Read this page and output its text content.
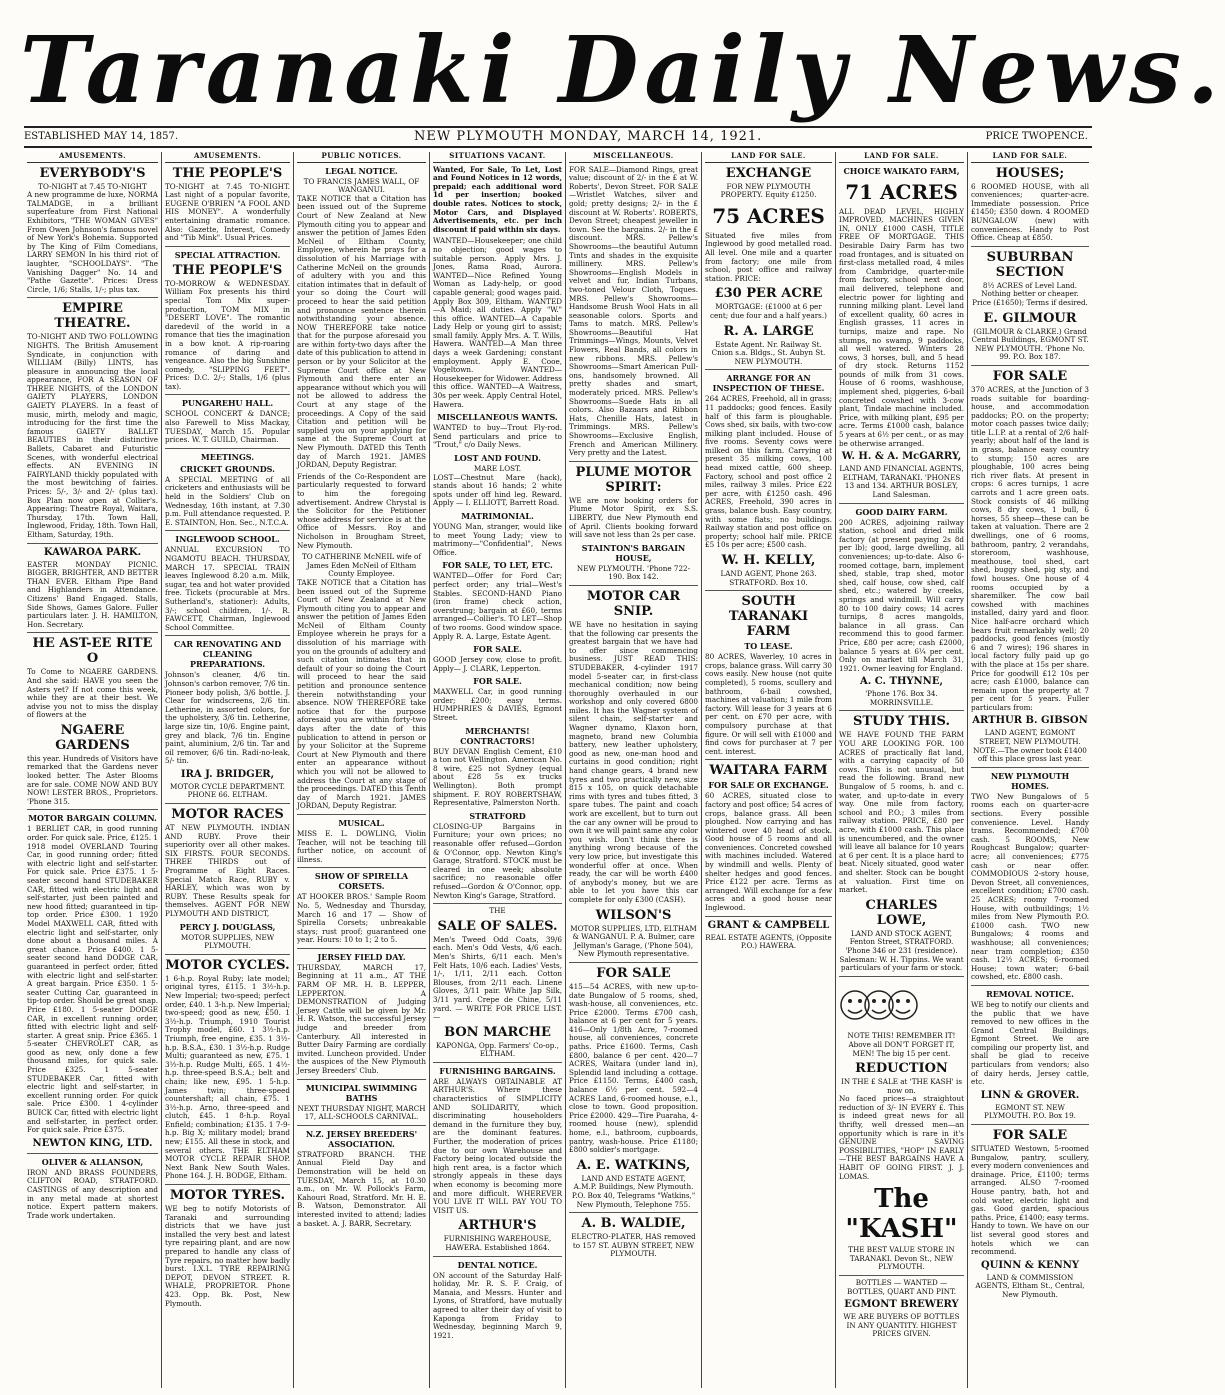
Taranaki Daily News.
ESTABLISHED MAY 14, 1857.	NEW PLYMOUTH MONDAY, MARCH 14, 1921.	PRICE TWOPENCE.
AMUSEMENTS.
EVERYBODY'S
TO-NIGHT at 7.45 TO-NIGHT
A new programme de luxe, NORMA TALMADGE, in a brilliant superfeature from First National Exhibitors, "THE WOMAN GIVES" From Owen Johnson's famous novel of New York's Bohemia. Supported by The King of Film Comedians, LARRY SEMON In his third riot of laughter, "SCHOOLDAYS". "The Vanishing Dagger" No. 14 and "Pathe Gazette". Prices: Dress Circle, 1/6; Stalls, 1/-; plus tax.
EMPIRE THEATRE.
TO-NIGHT AND TWO FOLLOWING NIGHTS. The British Amusement Syndicate, in conjunction with WILLIAM (Billy) LINTS, has pleasure in announcing the local appearance, FOR A SEASON OF THREE NIGHTS, of the LONDON GAIETY PLAYERS, LONDON GAIETY PLAYERS. In a feast of music, mirth, melody and magic, introducing for the first time the famous GAIETY BALLET BEAUTIES in their distinctive Ballets, Cabaret and Futuristic Scenes, with wonderful electrical effects. AN EVENING IN FAIRYLAND thickly populated with the most bewitching of fairies. Prices: 5/-, 3/- and 2/- (plus tax). Box Plan now open at Collier's. Appearing: Theatre Royal, Waitara, Thursday, 17th. Town Hall, Inglewood, Friday, 18th. Town Hall, Eltham, Saturday, 19th.
KAWAROA PARK.
EASTER MONDAY PICNIC. BIGGER, BRIGHTER, AND BETTER THAN EVER. Eltham Pipe Band and Highlanders in Attendance. Citizens' Band Engaged. Stalls, Side Shows, Games Galore. Fuller particulars later. J. H. HAMILTON, Hon. Secretary.
HE AST-EE RITE O
To Come to NGAERE GARDENS. And she said: HAVE you seen the Asters yet? If not come this week, while they are at their best. We advise you not to miss the display of flowers at the
NGAERE GARDENS
this year. Hundreds of Visitors have remarked that the Gardens never looked better. The Aster Blooms are for sale. COME NOW AND BUY NOW! LESTER BROS., Proprietors. 'Phone 315.
MOTOR BARGAIN COLUMN.
1 BERLIET CAR, in good running order. For quick sale. Price, £125. 1 1918 model OVERLAND Touring Car, in good running order; fitted with electric light and self-starter. For quick sale. Price £375. 1 5-seater second hand STUDEBAKER CAR, fitted with electric light and self-starter, just been painted and new hood fitted; guaranteed in tip-top order. Price £300. 1 1920 Model MAXWELL CAR, fitted with electric light and self-starter, only done about a thousand miles. A great chance. Price £400. 1 5-seater second hand DODGE CAR, guaranteed in perfect order, fitted with electric light and self-starter. A great bargain. Price £350. 1 5-seater Cutting Car, guaranteed in tip-top order. Should be great snap. Price £180. 1 5-seater DODGE CAR, in excellent running order, fitted with electric light and self-starter. A great snip. Price £365. 1 5-seater CHEVROLET CAR, as good as new, only done a few thousand miles, for quick sale. Price £325. 1 5-seater STUDEBAKER Car, fitted with electric light and self-starter, in excellent running order. For quick sale. Price £300. 1 4-cylinder BUICK Car, fitted with electric light and self-starter, in perfect order. For quick sale. Price £375.
NEWTON KING, LTD.
OLIVER & ALLANSON,
IRON AND BRASS FOUNDERS, CLIFTON ROAD, STRATFORD. CASTINGS of any description and in any metal made at shortest notice. Expert pattern makers. Trade work undertaken.
AMUSEMENTS.
THE PEOPLE'S
TO-NIGHT at 7.45 TO-NIGHT. Last night of a popular favorite, EUGENE O'BRIEN "A FOOL AND HIS MONEY". A wonderfully entertaining dramatic romance. Also: Gazette, Interest, Comedy and "Tib Mink". Usual Prices.
SPECIAL ATTRACTION.
THE PEOPLE'S
TO-MORROW & WEDNESDAY. William Fox presents his third special Tom Mix super-production, TOM MIX in "DESERT LOVE". The romantic daredevil of the world in a romance that ties the imagination in a bow knot. A rip-roaring romance of daring and vengeance. Also the big Sunshine comedy, "SLIPPING FEET". Prices: D.C. 2/-; Stalls, 1/6 (plus tax).
PUNGAREHU HALL.
SCHOOL CONCERT & DANCE; also Farewell to Miss Mackay, TUESDAY, March 15. Popular prices. W. T. GUILD, Chairman.
MEETINGS.
CRICKET GROUNDS.
A SPECIAL MEETING of all cricketers and enthusiasts will be held in the Soldiers' Club on Wednesday, 16th instant, at 7.30 p.m. Full attendance requested. P. E. STAINTON, Hon. Sec., N.T.C.A.
INGLEWOOD SCHOOL.
ANNUAL EXCURSION TO NGAMOTU BEACH. THURSDAY, MARCH 17. SPECIAL TRAIN leaves Inglewood 8.20 a.m. Milk, sugar, tea and hot water provided free. Tickets (procurable at Mrs. Sutherland's, stationer): Adults, 3/-; school children, 1/-. R. FAWCETT, Chairman, Inglewood School Committee.
CAR RENOVATING AND CLEANING PREPARATIONS.
Johnson's cleaner, 4/6 tin. Johnson's carbon remover, 7/6 tin. Pioneer body polish, 3/6 bottle. J. Clear for windscreens, 2/6 tin. Letherine, in assorted colors, for the upholstery, 3/6 tin. Letherine, large size tin, 10/6. Engine paint, grey and black, 7/6 tin. Engine paint, aluminium, 2/6 tin. Tar and oil remover, 6/6 tin. Radi-no-leak, 5/- tin.
IRA J. BRIDGER,
MOTOR CYCLE DEPARTMENT. PHONE 66. ELTHAM.
MOTOR RACES
AT NEW PLYMOUTH. INDIAN AND RUBY. Prove their superiority over all other makes. SIX FIRSTS. FOUR SECONDS. THREE THIRDS out of Programme of Eight Races. Special Match Race, RUBY v. HARLEY, which was won by RUBY. These Results speak for themselves. AGENT FOR NEW PLYMOUTH AND DISTRICT,
PERCY J. DOUGLASS,
MOTOR SUPPLIES, NEW PLYMOUTH.
MOTOR CYCLES.
1 6-h.p. Royal Ruby; late model; original tyres, £115. 1 3½-h.p. New Imperial; two-speed; perfect order, £40. 1 3-h.p. New Imperial; two-speed; good as new, £50. 1 3½-h.p. Triumph, 1910 Tourist Trophy model, £60. 1 3½-h.p. Triumph, free engine, £35. 1 3½-h.p. B.S.A., £30. 1 3½-h.p. Rudge Multi; guaranteed as new, £75. 1 3½-h.p. Rudge Multi, £65. 1 4½-h.p. three-speed B.S.A.; belt and chain; like new, £95. 1 5-h.p. James twin; three-speed countershaft; all chain, £75. 1 3½-h.p. Arno, three-speed and clutch, £45. 1 8-h.p. Royal Enfield; combination; £135. 1 7-9-h.p. Big X; military model; brand new; £155. All these in stock, and several others. THE ELTHAM MOTOR CYCLE REPAIR SHOP. Next Bank New South Wales. Phone 164. J. H. BODGE, Eltham.
MOTOR TYRES.
WE beg to notify Motorists of Taranaki and surrounding districts that we have just installed the very best and latest tyre repairing plant, and are now prepared to handle any class of Tyre repairs, no matter how badly burst. I.X.L. TYRE REPAIRING DEPOT, DEVON STREET. R. WHALE, PROPRIETOR. Phone 423. Opp. Bk. Post, New Plymouth.
PUBLIC NOTICES.
LEGAL NOTICE.
TO FRANCIS JAMES WALL, OF WANGANUI.
TAKE NOTICE that a Citation has been issued out of the Supreme Court of New Zealand at New Plymouth citing you to appear and answer the petition of James Eden McNeil of Eltham County, Employee, wherein he prays for a dissolution of his Marriage with Catherine McNeil on the grounds of adultery with you and this citation intimates that in default of your so doing the Court will proceed to hear the said petition and pronounce sentence therein notwithstanding your absence. NOW THEREFORE take notice that for the purpose aforesaid you are within forty-two days after the date of this publication to attend in person or by your Solicitor at the Supreme Court office at New Plymouth and there enter an appearance without which you will not be allowed to address the Court at any stage of the proceedings. A Copy of the said Citation and petition will be supplied you on your applying for same at the Supreme Court at New Plymouth. DATED this Tenth day of March 1921. JAMES JORDAN, Deputy Registrar.
Friends of the Co-Respondent are particularly requested to forward to him the foregoing advertisement. Andrew Chrystal is the Solicitor for the Petitioner whose address for service is at the Office of Messrs. Roy and Nicholson in Brougham Street, New Plymouth.
TO CATHERINE McNEIL wife of James Eden McNeil of Eltham County Employee.
TAKE NOTICE that a Citation has been issued out of the Supreme Court of New Zealand at New Plymouth citing you to appear and answer the petition of James Eden McNeil of Eltham County Employee wherein he prays for a dissolution of his marriage with you on the grounds of adultery and such citation intimates that in default of your so doing the Court will proceed to hear the said petition and pronounce sentence therein notwithstanding your absence. NOW THEREFORE take notice that for the purpose aforesaid you are within forty-two days after the date of this publication to attend in person or by your Solicitor at the Supreme Court at New Plymouth and there enter an appearance without which you will not be allowed to address the Court at any stage of the proceedings. DATED this Tenth day of March 1921. JAMES JORDAN, Deputy Registrar.
MUSICAL.
MISS E. L. DOWLING, Violin Teacher, will not be teaching till further notice, on account of illness.
SHOW OF SPIRELLA CORSETS.
AT HOOKER BROS.' Sample Room No. 5, Wednesday and Thursday, March 16 and 17 — Show of Spirella Corsets; unbreakable stays; rust proof; guaranteed one year. Hours: 10 to 1; 2 to 5.
JERSEY FIELD DAY.
THURSDAY, MARCH 17, Beginning at 11 a.m., AT THE FARM OF MR. H. B. LEPPER, LEPPERTON. A DEMONSTRATION of Judging Jersey Cattle will be given by Mr. H. R. Watson, the successful Jersey judge and breeder from Canterbury. All interested in Butter Dairy Farming are cordially invited. Luncheon provided. Under the auspices of the New Plymouth Jersey Breeders' Club.
MUNICIPAL SWIMMING BATHS
NEXT THURSDAY NIGHT, MARCH 17, ALL-SCHOOLS CARNIVAL.
N.Z. JERSEY BREEDERS' ASSOCIATION.
STRATFORD BRANCH. THE Annual Field Day and Demonstration will be held on TUESDAY, March 15, at 10.30 a.m., on Mr. W. Pollock's Farm, Kahouri Road, Stratford. Mr. H. E. B. Watson, Demonstrator. All interested invited to attend; ladies a basket. A. J. BARR, Secretary.
SITUATIONS VACANT.
Wanted, For Sale, To Let, Lost and Found Notices in 12 words, prepaid; each additional word 1d per insertion; booked double rates. Notices to stock, Motor Cars, and Displayed Advertisements, etc. per inch discount if paid within six days.
WANTED—Housekeeper; one child no objection; good wages to suitable person. Apply Mrs. J. Jones, Rama Road, Aurora. WANTED—Nice Refined Young Woman as Lady-help, or good capable general; good wages paid. Apply Box 309, Eltham. WANTED—A Maid; all duties. Apply "W." this office. WANTED—A Capable Lady Help or young girl to assist; small family. Apply Mrs. A. T. Wills, Hawera. WANTED—A Man three days a week Gardening; constant employment. Apply E. Cooe, Vogeltown. WANTED—Housekeeper for Widower. Address this office. WANTED—A Waitress, 30s per week. Apply Central Hotel, Hawera.
MISCELLANEOUS WANTS.
WANTED to buy—Trout Fly-rod. Send particulars and price to "Trout," c/o Daily News.
LOST AND FOUND.
MARE LOST.
LOST—Chestnut Mare (hack), stands about 16 hands; 2 white spots under off hind leg. Reward. Apply — I. ELLIOTT, Barrett Road.
MATRIMONIAL.
YOUNG Man, stranger, would like to meet Young Lady; view to matrimony—"Confidential", News Office.
FOR SALE, TO LET, ETC.
WANTED—Offer for Ford Car; perfect order; any trial—West's Stables. SECOND-HAND Piano (iron frame) check action, overstrung; bargain at £60, terms arranged—Collier's. TO LET—Shop of two rooms. Good window space. Apply R. A. Large, Estate Agent.
FOR SALE.
GOOD Jersey cow, close to profit. Apply— J. CLARK, Lepperton.
FOR SALE.
MAXWELL Car, in good running order; £200; easy terms. HUMPHRIES & DAVIES, Egmont Street.
MERCHANTS! CONTRACTORS!
BUY DEVAN English Cement, £10 a ton not Wellington. American No. 8 wire, £25 not Sydney (equal about £28 5s ex trucks Wellington). Both prompt shipment. F. ROY ROBERTSHAW, Representative, Palmerston North.
STRATFORD
CLOSING-UP Bargains in Furniture; your own prices; no reasonable offer refused—Gordon & O'Connor, opp. Newton King's Garage, Stratford. STOCK must be cleared in one week; absolute sacrifice; no reasonable offer refused—Gordon & O'Connor, opp. Newton King's Garage, Stratford.
THE
SALE OF SALES.
Men's Tweed Odd Coats, 39/6 each. Men's Odd Vests, 4/6 each. Men's Shirts, 6/11 each. Men's Felt Hats, 10/6 each. Ladies' Vests, 1/-, 1/11, 2/11 each. Cotton Blouses, from 2/11 each. Linene Gloves, 3/11 pair. White Jap Silk, 3/11 yard. Crepe de Chine, 5/11 yard. — WRITE FOR PRICE LIST. —
BON MARCHE
KAPONGA, Opp. Farmers' Co-op., ELTHAM.
FURNISHING BARGAINS.
ARE ALWAYS OBTAINABLE AT ARTHUR'S. Where these characteristics of SIMPLICITY AND SOLIDARITY, which discriminating householders demand in the furniture they buy, are the dominant features. Further, the moderation of prices due to our own Warehouse and Factory being located outside the high rent area, is a factor which strongly appeals in these days when economy is becoming more and more difficult. WHEREVER YOU LIVE IT WILL PAY YOU TO VISIT US.
ARTHUR'S
FURNISHING WAREHOUSE, HAWERA. Established 1864.
DENTAL NOTICE.
ON account of the Saturday Half-holiday, Mr. R. S. F. Craig, of Manaia, and Messrs. Hunter and Lyons, of Stratford, have mutually agreed to alter their day of visit to Kaponga from Friday to Wednesday, beginning March 9, 1921.
MISCELLANEOUS.
FOR SALE—Diamond Rings, great value; discount of 2/- in the £ at W. Roberts', Devon Street. FOR SALE—Wristlet Watches, silver and gold; pretty designs; 2/- in the £ discount at W. Roberts'. ROBERTS, Devon Street; cheapest jeweller in town. See the bargains. 2/- in the £ discount. MRS. Pellew's Showrooms—the beautiful Autumn Tints and shades in the exquisite millinery. MRS. Pellew's Showrooms—English Models in velvet and fur, Indian Turbans, two-toned Velour Cloth, Toques. MRS. Pellew's Showrooms—Handsome Brush Wool Hats in all seasonable colors. Sports and Tams to match. MRS. Pellew's Showrooms—Beautiful Hat Trimmings—Wings, Mounts, Velvet Flowers, Real Bands, all colors in new ribbons. MRS. Pellew's Showrooms—Smart American Pull-ons, handsomely browned. All pretty shades and smart, moderately priced. MRS. Pellew's Showrooms—Suede Hats in all colors. Also Bazaars and Ribbon Hats, Chenille Hats, latest in Trimmings. MRS. Pellew's Showrooms—Exclusive English, French and American Millinery. Very pretty and the Latest.
PLUME MOTOR SPIRIT:
WE are now booking orders for Plume Motor Spirit, ex S.S. LIBERTY, due New Plymouth end of April. Clients booking forward will save not less than 2s per case.
STAINTON'S BARGAIN HOUSE,
NEW PLYMOUTH. 'Phone 722-190. Box 142.
MOTOR CAR SNIP.
WE have no hesitation in saying that the following car presents the greatest bargain that we have had to offer since commencing business. JUST READ THIS: STUDEBAKER, 4-cylinder 1917 model 5-seater car, in first-class mechanical condition; now being thoroughly overhauled in our workshop and only covered 6800 miles. It has the Wagner system of silent chain, self-starter and Wagner dynamo, Klaxon horn, magneto, brand new Columbia battery, new leather upholstery, good as new, one-man hood and curtains in good condition; right hand change gears, 4 brand new tyres and two practically new, size 815 x 105, on quick detachable rims with tyres and tubes fitted, 3 spare tubes. The paint and coach work are excellent, but to turn out the car any owner will be proud to own it we will paint same any color you wish. Don't think there is anything wrong because of the very low price, but investigate this wonderful offer at once. When ready, the car will be worth £400 of anybody's money, but we are able to let you have this car complete for only £300 (CASH).
WILSON'S
MOTOR SUPPLIES, LTD, ELTHAM & WANGANUI. P. A. Bulmer, care Jellyman's Garage, ('Phone 504), New Plymouth representative.
FOR SALE
415—54 ACRES, with new up-to-date Bungalow of 5 rooms, shed, wash-house, all conveniences, etc. Price £2000. Terms £700 cash, balance at 6 per cent for 5 years. 416—Only 1/8th Acre, 7-roomed house, all conveniences, concrete paths. Price £1600. Terms, Cash £800, balance 6 per cent. 420—7 ACRES, Waitara (under land in), Splendid land including a cottage. Price £1150. Terms, £400 cash, balance 6½ per cent. 592—4 ACRES Land, 6-roomed house, e.l., close to town. Good proposition. Price £2000. 429—Tire Puaraha, 4-roomed house (new), splendid home, e.l., bathroom, cupboards, pantry, wash-house. Price £1180; £800 soldier's mortgage.
A. E. WATKINS,
LAND AND ESTATE AGENT, A.M.P. Buildings, New Plymouth. P.O. Box 40, Telegrams "Watkins," New Plymouth, Telephone 755.
A. B. WALDIE,
ELECTRO-PLATER, HAS removed to 157 ST. AUBYN STREET, NEW PLYMOUTH.
LAND FOR SALE.
EXCHANGE
FOR NEW PLYMOUTH PROPERTY. Equity £1250.
75 ACRES
Situated five miles from Inglewood by good metalled road. All level. One mile and a quarter from factory; one mile from school, post office and railway station. PRICE:
£30 PER ACRE
MORTGAGE: (£1000 at 6 per cent; due four and a half years.)
R. A. LARGE
Estate Agent. Nr. Railway St. Cnion s.a. Bldgs., St. Aubyn St. NEW PLYMOUTH.
ARRANGE FOR AN INSPECTION OF THESE.
264 ACRES, Freehold, all in grass; 11 paddocks; good fences. Easily half of this farm is ploughable. Cows shed, six bails, with two-cow milking plant included. House of five rooms. Seventy cows were milked on this farm. Carrying at present 35 milking cows, 100 head mixed cattle, 600 sheep. Factory, school and post office 2 miles, railway 3 miles. Price £22 per acre, with £1250 cash. 496 ACRES, Freehold, 390 acres in grass, balance bush. Easy country, with some flats; no buildings. Railway station and post office on property; school half mile. PRICE £5 10s per acre; £500 cash.
W. H. KELLY,
LAND AGENT, Phone 263. STRATFORD. Box 10.
SOUTH TARANAKI FARM
TO LEASE.
80 ACRES, Waverley, 10 acres in crops, balance grass. Will carry 30 cows easily. New house (not quite completed), 5 rooms, scullery and bathroom, 6-bail cowshed, machines at valuation; 1 mile from factory. Will lease for 3 years at 6 per cent. on £70 per acre, with compulsory purchase at that figure. Or will sell with £1000 and find cows for purchaser at 7 per cent. interest.
WAITARA FARM
FOR SALE OR EXCHANGE.
60 ACRES, situated close to factory and post office; 54 acres of crops, balance grass. All been ploughed. Now carrying and has wintered over 40 head of stock. Good house of 5 rooms and all conveniences. Concreted cowshed with machines included. Watered by windmill and wells. Plenty of shelter hedges and good fences. Price £122 per acre. Terms as arranged. Will exchange for a few acres and a good house near Inglewood.
GRANT & CAMPBELL
REAL ESTATE AGENTS, (Opposite P.O.) HAWERA.
LAND FOR SALE.
CHOICE WAIKATO FARM,
71 ACRES
ALL DEAD LEVEL, HIGHLY IMPROVED, MACHINES GIVEN IN, ONLY £1000 CASH, TITLE FREE OF MORTGAGE. THIS Desirable Dairy Farm has two road frontages, and is situated on first-class metalled road, 4 miles from Cambridge, quarter-mile from factory, school next door, mail delivered, telephone and electric power for lighting and running milking plant. Level land of excellent quality, 60 acres in English grasses, 11 acres in turnips, maize and rape. No stumps, no swamp, 9 paddocks, all well watered. Winters 28 cows, 3 horses, bull, and 5 head of dry stock. Returns 1152 pounds of milk from 31 cows. House of 6 rooms, washhouse, implement shed, piggeries, 6-bail concreted cowshed with 3-cow plant, Tindale machine included. Price, with milking plant, £95 per acre. Terms £1000 cash, balance 5 years at 6½ per cent., or as may be otherwise arranged.
W. H. & A. McGARRY,
LAND AND FINANCIAL AGENTS, ELTHAM, TARANAKI. 'PHONES 13 and 134. ARTHUR BOSLEY, Land Salesman.
GOOD DAIRY FARM.
200 ACRES, adjoining railway station, school and dried milk factory (at present paying 2s 8d per lb); good, large dwelling, all conveniences; up-to-date. Also 6-roomed cottage, barn, implement shed, stable, trap shed, motor shed, calf house, cow shed, calf shed, etc.; watered by creeks, springs and windmill. Will carry 80 to 100 dairy cows; 14 acres turnips, 8 acres mangolds, balance in all grass. Can recommend this to good farmer. Price, £80 per acre; cash £2000, balance 5 years at 6¼ per cent. Only on market till March 31, 1921. Owner leaving for England.
A. C. THYNNE,
'Phone 176. Box 34. MORRINSVILLE.
STUDY THIS.
WE HAVE FOUND THE FARM YOU ARE LOOKING FOR. 100 ACRES of practically flat land, with a carrying capacity of 50 cows. This is not unusual, but read the following. Brand new Bungalow of 5 rooms, h. and c. water, and up-to-date in every way. One mile from factory, school and P.O.; 3 miles from railway station. PRICE, £80 per acre, with £1000 cash. This place is unencumbered, and the owner will leave all balance for 10 years at 6 per cent. It is a place hard to beat. Nicely situated, good water and shelter. Stock can be bought at valuation. First time on market.
CHARLES LOWE,
LAND AND STOCK AGENT, Fenton Street, STRATFORD. 'Phone 346 or 231 (residence). Salesman: W. H. Tippins. We want particulars of your farm or stock.
NOTE THIS! REMEMBER IT! Above all DON'T FORGET IT, MEN! The big 15 per cent.
REDUCTION
IN THE £ SALE at 'THE KASH' is now on.
No faced prices—a straightout reduction of 3/- IN EVERY £. This is indeed great news for all thrifty, well dressed men—an opportunity which is rare in it's GENUINE SAVING POSSIBILITIES, "HOP" IN EARLY—THE BEST BARGAINS HAVE A HABIT OF GOING FIRST. J. J. LOMAS.
The "KASH"
THE BEST VALUE STORE IN TARANAKI. Devon St., NEW PLYMOUTH.
BOTTLES — WANTED — BOTTLES, QUART AND PINT.
EGMONT BREWERY
WE ARE BUYERS OF BOTTLES IN ANY QUANTITY. HIGHEST PRICES GIVEN.
LAND FOR SALE.
HOUSES;
6 ROOMED HOUSE, with all conveniences; quarter-acre. Immediate possession. Price £1450; £350 down. 4 ROOMED BUNGALOW (new) with conveniences. Handy to Post Office. Cheap at £850.
SUBURBAN SECTION
8½ ACRES of Level Land. Nothing better or cheaper. Price (£1650); Terms if desired.
E. GILMOUR
(GILMOUR & CLARKE.) Grand Central Buildings, EGMONT ST. NEW PLYMOUTH. 'Phone No. 99. P.O. Box 187.
FOR SALE
370 ACRES, at the Junction of 3 roads suitable for boarding-house, and accommodation paddocks; P.O. on the property; motor coach passes twice daily; title L.I.P. at a rental of 2/6 half-yearly; about half of the land is in grass, balance easy country to stump; 150 acres are ploughable, 100 acres being rich river flats. At present in crops: 6 acres turnips, 1 acre carrots and 1 acre green oats. Stock consists of 46 milking cows, 8 dry cows, 1 bull, 6 horses, 55 sheep—these can be taken at valuation. There are 2 dwellings, one of 6 rooms, bathroom, pantry, 2 verandahs, storeroom, washhouse, meathouse, tool shed, cart shed, buggy shed, pig sty, and fowl houses. One house of 4 rooms occupied by a sharemilker. The cow bail cowshed with machines installed, dairy yard and floor. Nice half-acre orchard which bears fruit remarkably well; 20 paddocks, good fences (mostly 6 and 7 wires); 196 shares in local factory fully paid up go with the place at 15s per share. Price for goodwill £12 10s per acre; cash £1000, balance can remain upon the property at 7 per cent for 5 years. Fuller particulars from:
ARTHUR B. GIBSON
LAND AGENT, EGMONT STREET, NEW PLYMOUTH. NOTE.—The owner took £1400 off this place gross last year.
NEW PLYMOUTH HOMES.
TWO New Bungalows of 5 rooms each on quarter-acre sections. Every possible convenience. Level. Handy trams. Recommended; £700 cash. 5 ROOMS, New Roughcast Bungalow; quarter-acre; all conveniences; £775 cash or near offer. COMMODIOUS 2-story house, Devon Street, all conveniences, excellent condition; £700 cash. 25 ACRES; roomy 7-roomed House, with outbuildings; 1½ miles from New Plymouth P.O. £1000 cash. TWO new Bungalows; 4 rooms and washhouse; all conveniences; near tram completion; £350 cash. 12½ ACRES; 6-roomed House; town water; 6-bail cowshed, etc. £800 cash.
REMOVAL NOTICE.
WE beg to notify our clients and the public that we have removed to new offices in the Grand Central Buildings, Egmont Street. We are compiling our property list, and shall be glad to receive particulars from vendors; also of dairy herds, Jersey cattle, etc.
LINN & GROVER.
EGMONT ST. NEW PLYMOUTH. P.O. Box 19.
FOR SALE
SITUATED Westown, 5-roomed Bungalow, pantry, scullery, every modern conveniences and drainage. Price, £1100; terms arranged. ALSO 7-roomed House pantry, bath, hot and cold water, electric light and gas. Good garden, spacious paths. Price, £1400; easy terms. Handy to town. We have on our list several good stores and hotels which we can recommend.
QUINN & KENNY
LAND & COMMISSION AGENTS, Eltham St., Central, New Plymouth.
